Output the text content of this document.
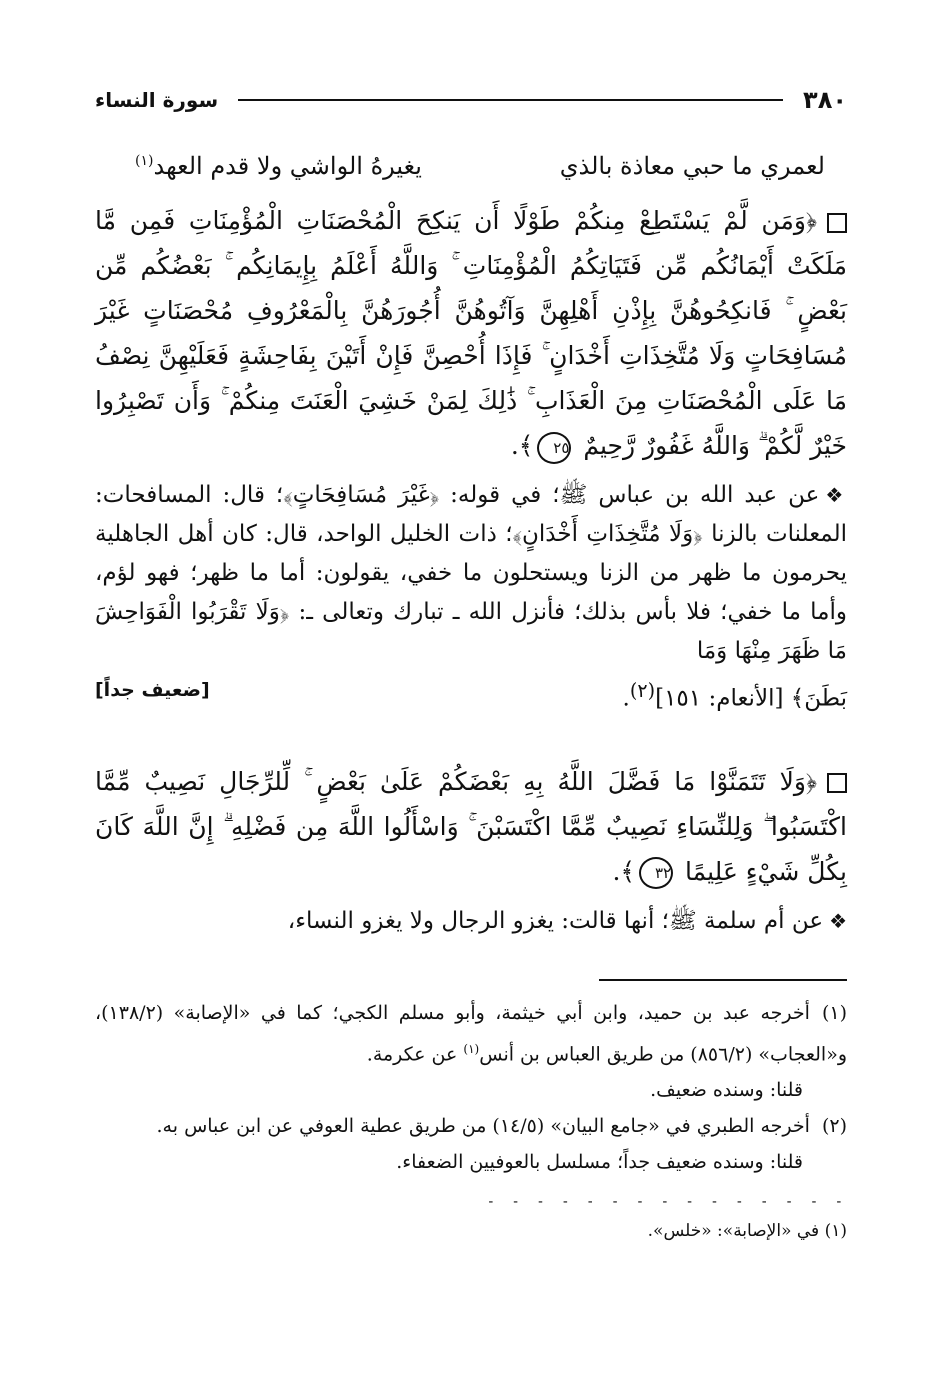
٣٨٠
سورة النساء
لعمري ما حبي معاذة بالذي
يغيرهُ الواشي ولا قدم العهد$^{(١)}$
﴿وَمَن لَّمْ يَسْتَطِعْ مِنكُمْ طَوْلًا أَن يَنكِحَ الْمُحْصَنَاتِ الْمُؤْمِنَاتِ فَمِن مَّا مَلَكَتْ أَيْمَانُكُم مِّن فَتَيَاتِكُمُ الْمُؤْمِنَاتِ ۚ وَاللَّهُ أَعْلَمُ بِإِيمَانِكُم ۚ بَعْضُكُم مِّن بَعْضٍ ۚ فَانكِحُوهُنَّ بِإِذْنِ أَهْلِهِنَّ وَآتُوهُنَّ أُجُورَهُنَّ بِالْمَعْرُوفِ مُحْصَنَاتٍ غَيْرَ مُسَافِحَاتٍ وَلَا مُتَّخِذَاتِ أَخْدَانٍ ۚ فَإِذَا أُحْصِنَّ فَإِنْ أَتَيْنَ بِفَاحِشَةٍ فَعَلَيْهِنَّ نِصْفُ مَا عَلَى الْمُحْصَنَاتِ مِنَ الْعَذَابِ ۚ ذَٰلِكَ لِمَنْ خَشِيَ الْعَنَتَ مِنكُمْ ۚ وَأَن تَصْبِرُوا خَيْرٌ لَّكُمْ ۗ وَاللَّهُ غَفُورٌ رَّحِيمٌ ٢٥﴾.
❖عن عبد الله بن عباس ﷺ؛ في قوله: ﴿غَيْرَ مُسَافِحَاتٍ﴾؛ قال: المسافحات: المعلنات بالزنا ﴿وَلَا مُتَّخِذَاتِ أَخْدَانٍ﴾؛ ذات الخليل الواحد، قال: كان أهل الجاهلية يحرمون ما ظهر من الزنا ويستحلون ما خفي، يقولون: أما ما ظهر؛ فهو لؤم، وأما ما خفي؛ فلا بأس بذلك؛ فأنزل الله ـ تبارك وتعالى ـ: ﴿وَلَا تَقْرَبُوا الْفَوَاحِشَ مَا ظَهَرَ مِنْهَا وَمَا
بَطَنَ﴾ [الأنعام: ١٥١]$^{(٢)}$.
[ضعيف جداً]
﴿وَلَا تَتَمَنَّوْا مَا فَضَّلَ اللَّهُ بِهِ بَعْضَكُمْ عَلَىٰ بَعْضٍ ۚ لِّلرِّجَالِ نَصِيبٌ مِّمَّا اكْتَسَبُوا ۖ وَلِلنِّسَاءِ نَصِيبٌ مِّمَّا اكْتَسَبْنَ ۚ وَاسْأَلُوا اللَّهَ مِن فَضْلِهِ ۗ إِنَّ اللَّهَ كَانَ بِكُلِّ شَيْءٍ عَلِيمًا ٣٢﴾.
❖عن أم سلمة ﷺ؛ أنها قالت: يغزو الرجال ولا يغزو النساء،
(١)أخرجه عبد بن حميد، وابن أبي خيثمة، وأبو مسلم الكجي؛ كما في «الإصابة» (١٣٨/٢)، و«العجاب» (٨٥٦/٢) من طريق العباس بن أنس$^{(١)}$ عن عكرمة.
قلنا: وسنده ضعيف.
(٢)أخرجه الطبري في «جامع البيان» (١٤/٥) من طريق عطية العوفي عن ابن عباس به.
قلنا: وسنده ضعيف جداً؛ مسلسل بالعوفيين الضعفاء.
- - - - - - - - - - - - - - -
(١) في «الإصابة»: «خلس».
